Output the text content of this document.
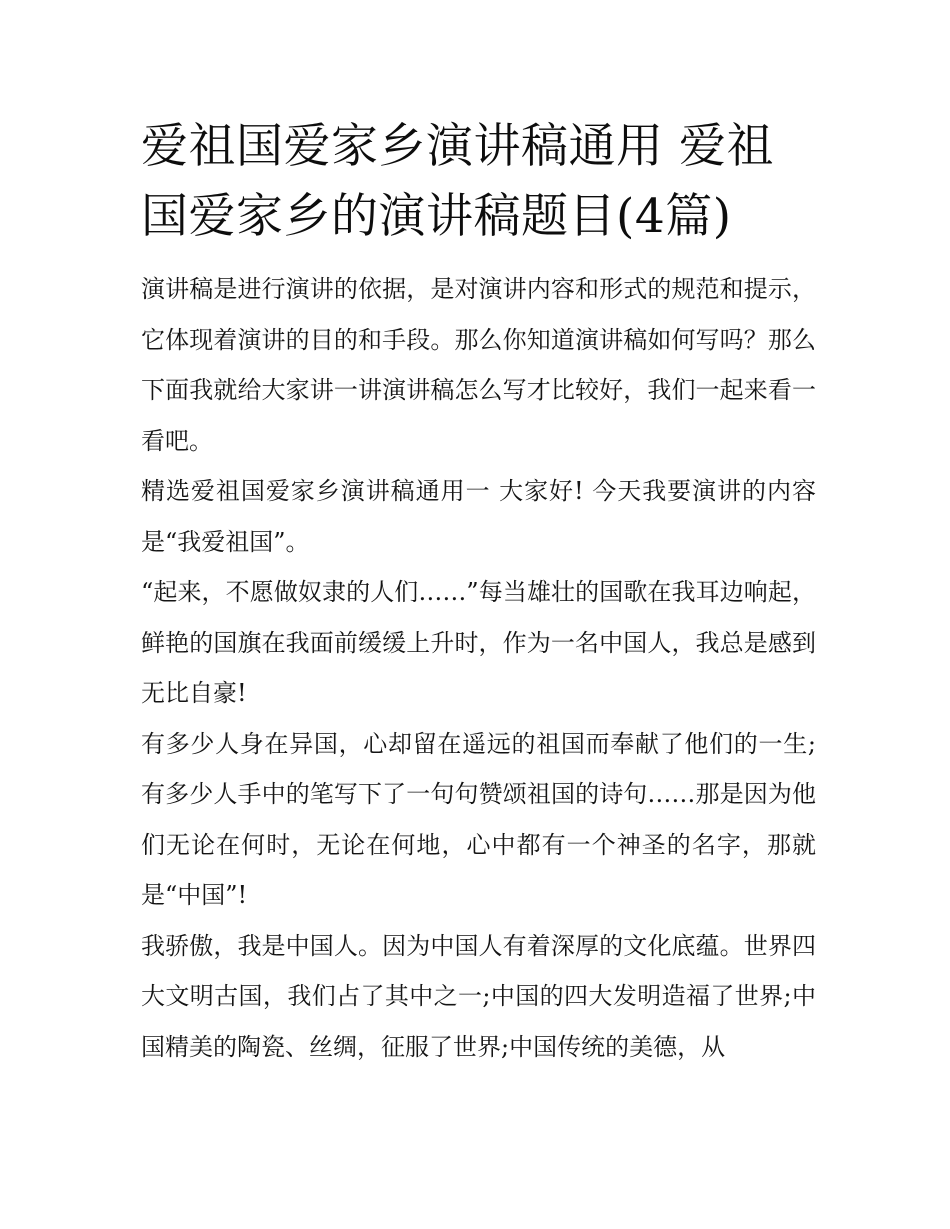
爱祖国爱家乡演讲稿通用 爱祖国爱家乡的演讲稿题目(4篇)

演讲稿是进行演讲的依据，是对演讲内容和形式的规范和提示，它体现着演讲的目的和手段。那么你知道演讲稿如何写吗？那么下面我就给大家讲一讲演讲稿怎么写才比较好，我们一起来看一看吧。

精选爱祖国爱家乡演讲稿通用一 大家好! 今天我要演讲的内容是“我爱祖国”。

“起来，不愿做奴隶的人们……”每当雄壮的国歌在我耳边响起，鲜艳的国旗在我面前缓缓上升时，作为一名中国人，我总是感到无比自豪!

有多少人身在异国，心却留在遥远的祖国而奉献了他们的一生;有多少人手中的笔写下了一句句赞颂祖国的诗句……那是因为他们无论在何时，无论在何地，心中都有一个神圣的名字，那就是“中国”!

我骄傲，我是中国人。因为中国人有着深厚的文化底蕴。世界四大文明古国，我们占了其中之一;中国的四大发明造福了世界;中国精美的陶瓷、丝绸，征服了世界;中国传统的美德，从
